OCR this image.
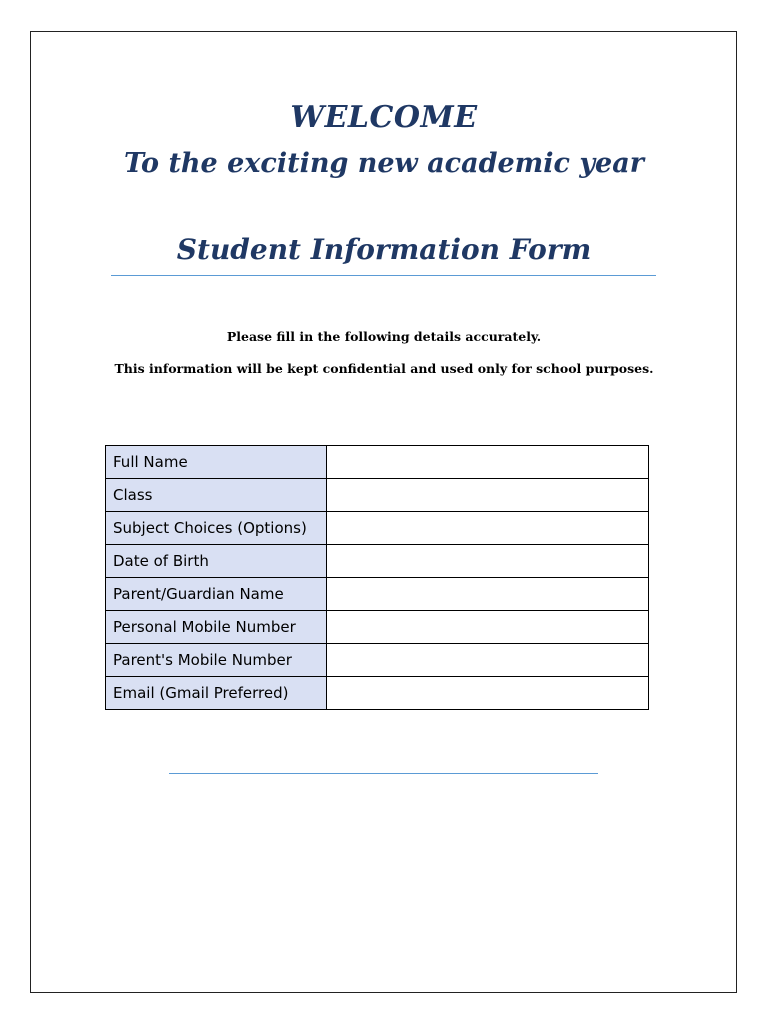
WELCOME
To the exciting new academic year
Student Information Form
Please fill in the following details accurately.
This information will be kept confidential and used only for school purposes.
Full Name	
Class	
Subject Choices (Options)	
Date of Birth	
Parent/Guardian Name	
Personal Mobile Number	
Parent's Mobile Number	
Email (Gmail Preferred)	
